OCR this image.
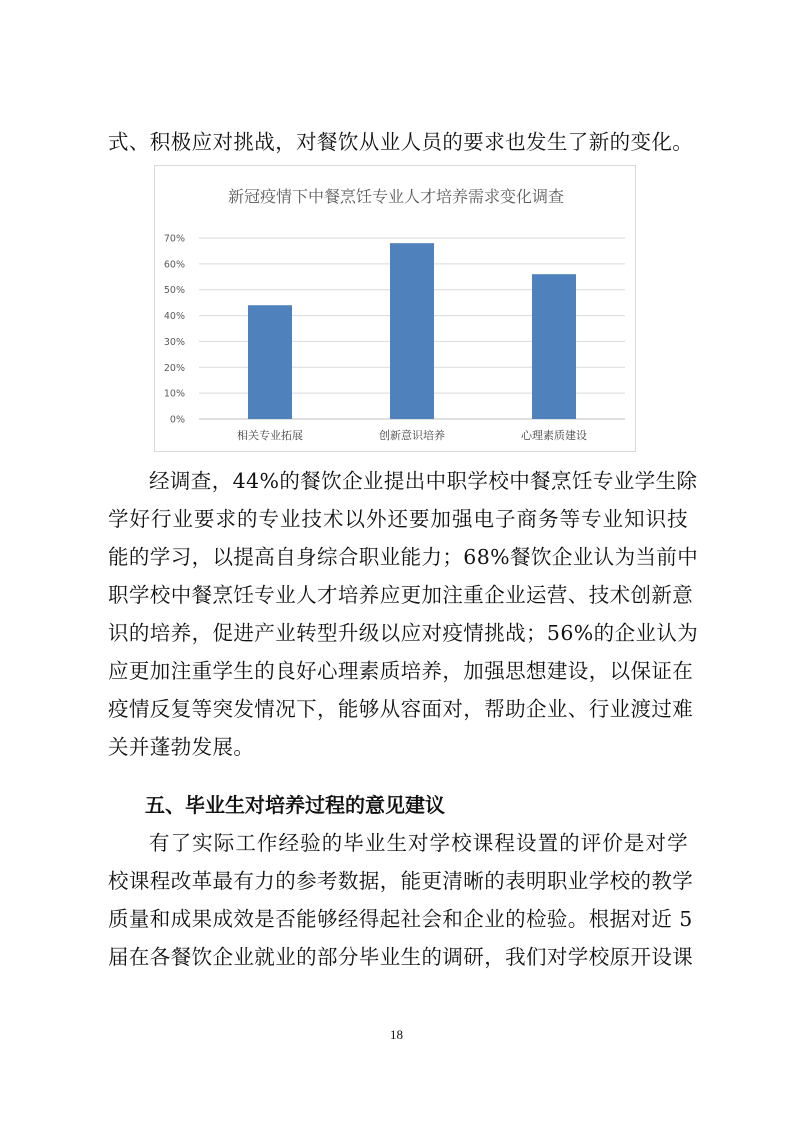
式、积极应对挑战，对餐饮从业人员的要求也发生了新的变化。
新冠疫情下中餐烹饪专业人才培养需求变化调查
0%
10%
20%
30%
40%
50%
60%
70%
相关专业拓展	创新意识培养	心理素质建设
经调查，44%的餐饮企业提出中职学校中餐烹饪专业学生除
学好行业要求的专业技术以外还要加强电子商务等专业知识技
能的学习，以提高自身综合职业能力；68%餐饮企业认为当前中
职学校中餐烹饪专业人才培养应更加注重企业运营、技术创新意
识的培养，促进产业转型升级以应对疫情挑战；56%的企业认为
应更加注重学生的良好心理素质培养，加强思想建设，以保证在
疫情反复等突发情况下，能够从容面对，帮助企业、行业渡过难
关并蓬勃发展。
五、毕业生对培养过程的意见建议
有了实际工作经验的毕业生对学校课程设置的评价是对学
校课程改革最有力的参考数据，能更清晰的表明职业学校的教学
质量和成果成效是否能够经得起社会和企业的检验。根据对近 5
届在各餐饮企业就业的部分毕业生的调研，我们对学校原开设课
18
